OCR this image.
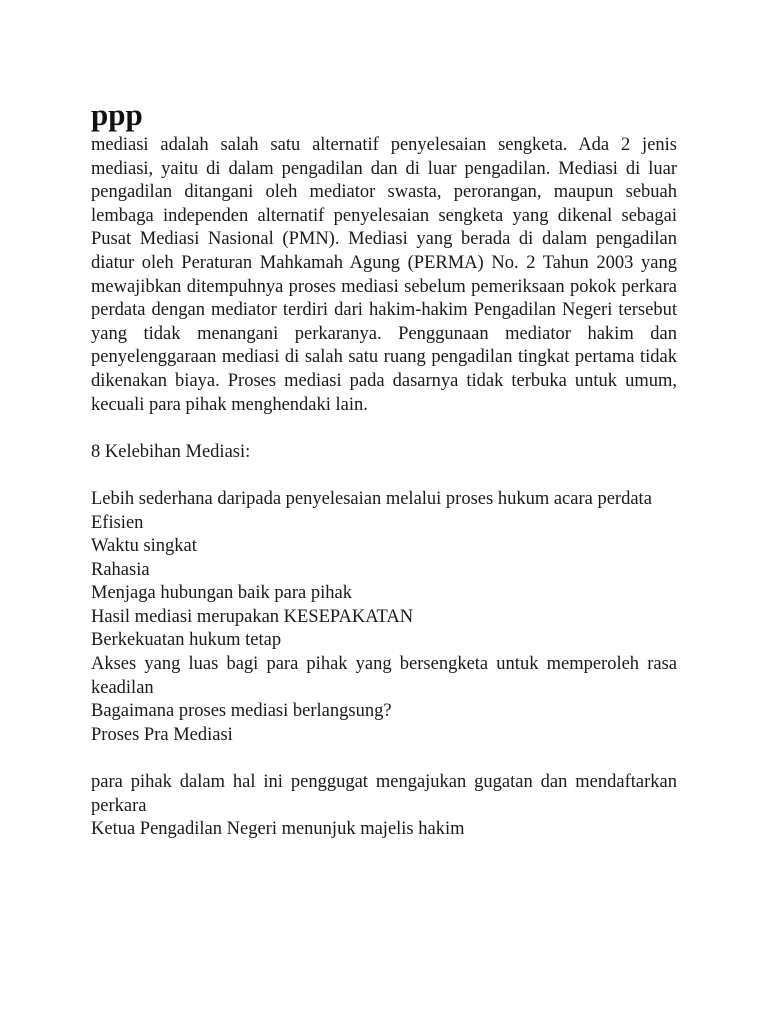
ppp

mediasi adalah salah satu alternatif penyelesaian sengketa. Ada 2 jenis mediasi, yaitu di dalam pengadilan dan di luar pengadilan. Mediasi di luar pengadilan ditangani oleh mediator swasta, perorangan, maupun sebuah lembaga independen alternatif penyelesaian sengketa yang dikenal sebagai Pusat Mediasi Nasional (PMN). Mediasi yang berada di dalam pengadilan diatur oleh Peraturan Mahkamah Agung (PERMA) No. 2 Tahun 2003 yang mewajibkan ditempuhnya proses mediasi sebelum pemeriksaan pokok perkara perdata dengan mediator terdiri dari hakim-hakim Pengadilan Negeri tersebut yang tidak menangani perkaranya. Penggunaan mediator hakim dan penyelenggaraan mediasi di salah satu ruang pengadilan tingkat pertama tidak dikenakan biaya. Proses mediasi pada dasarnya tidak terbuka untuk umum, kecuali para pihak menghendaki lain.

8 Kelebihan Mediasi:

Lebih sederhana daripada penyelesaian melalui proses hukum acara perdata

Efisien

Waktu singkat

Rahasia

Menjaga hubungan baik para pihak

Hasil mediasi merupakan KESEPAKATAN

Berkekuatan hukum tetap

Akses yang luas bagi para pihak yang bersengketa untuk memperoleh rasa keadilan

Bagaimana proses mediasi berlangsung?

Proses Pra Mediasi

para pihak dalam hal ini penggugat mengajukan gugatan dan mendaftarkan perkara

Ketua Pengadilan Negeri menunjuk majelis hakim
